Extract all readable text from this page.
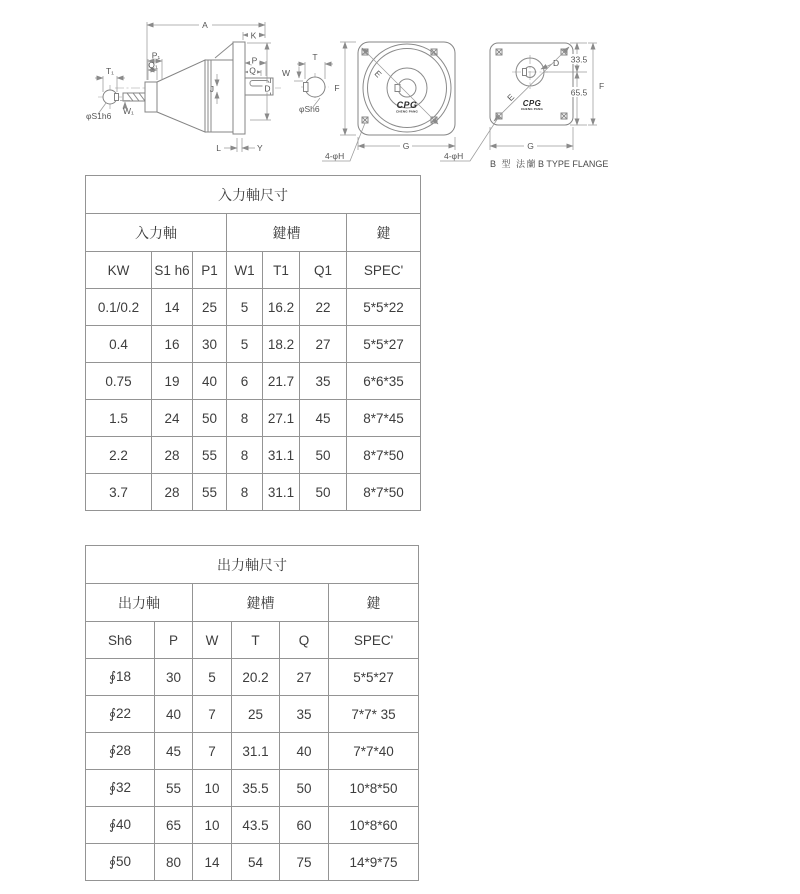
A
K
P₁
Q₁	P
Q
D
J
L	Y
T₁
W₁
φS1h6
T
W
φSh6
E
F
G
4-φH
CPG
CHENG PANG
D
E
33.5
65.5
F
G
4-φH
CPG
CHENG PANG
B 型 法蘭 B TYPE FLANGE
入力軸尺寸						
入力軸			鍵槽			鍵
KW	S1 h6	P1	W1	T1	Q1	SPEC'
0.1/0.2	14	25	5	16.2	22	5*5*22
0.4	16	30	5	18.2	27	5*5*27
0.75	19	40	6	21.7	35	6*6*35
1.5	24	50	8	27.1	45	8*7*45
2.2	28	55	8	31.1	50	8*7*50
3.7	28	55	8	31.1	50	8*7*50
出力軸尺寸					
出力軸		鍵槽			鍵
Sh6	P	W	T	Q	SPEC'
∮18	30	5	20.2	27	5*5*27
∮22	40	7	25	35	7*7* 35
∮28	45	7	31.1	40	7*7*40
∮32	55	10	35.5	50	10*8*50
∮40	65	10	43.5	60	10*8*60
∮50	80	14	54	75	14*9*75
